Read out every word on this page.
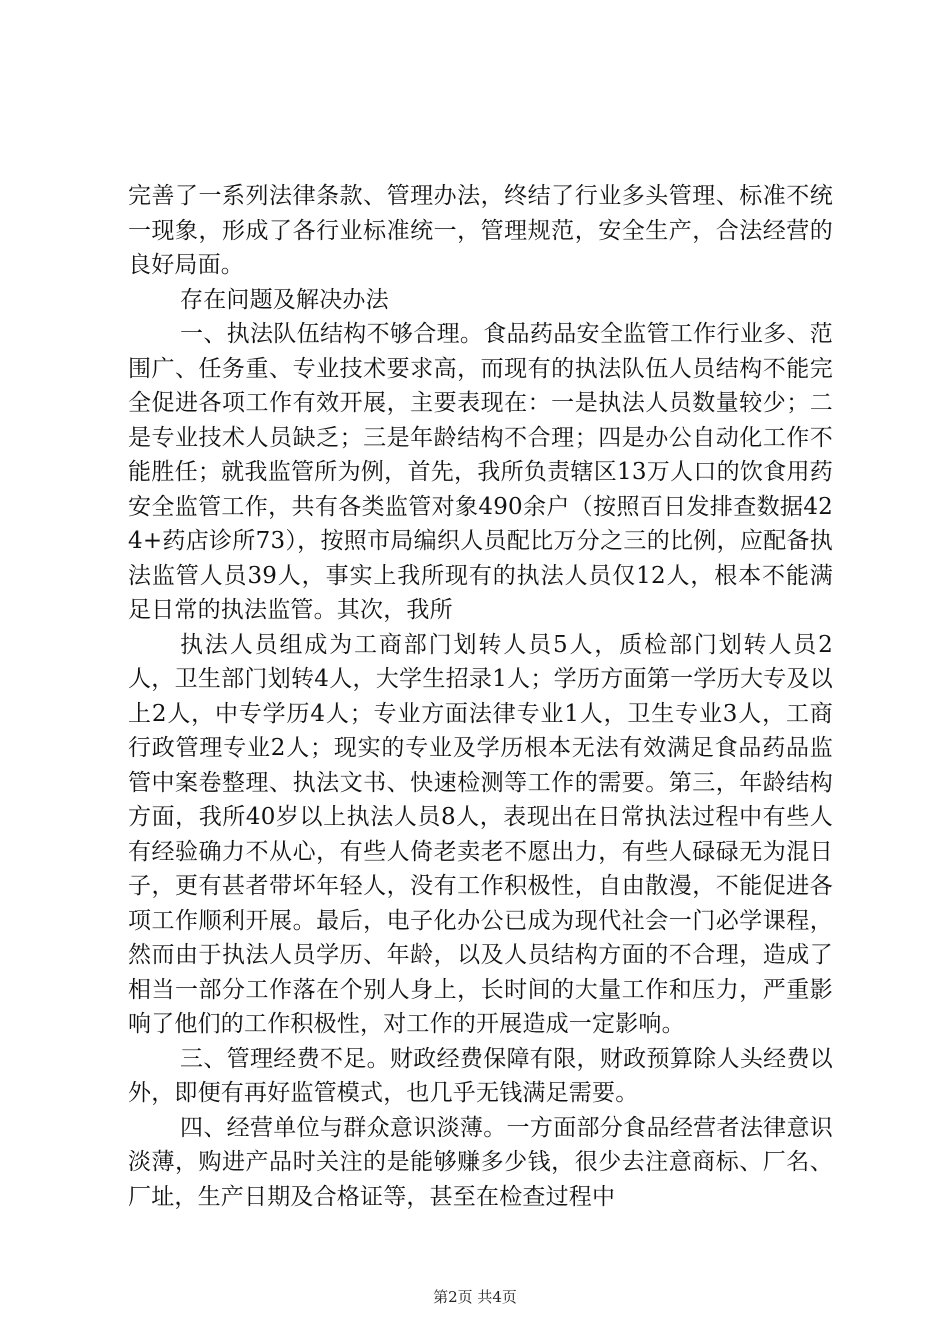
完善了一系列法律条款、管理办法，终结了行业多头管理、标准不统一现象，形成了各行业标准统一，管理规范，安全生产，合法经营的良好局面。

存在问题及解决办法

一、执法队伍结构不够合理。食品药品安全监管工作行业多、范围广、任务重、专业技术要求高，而现有的执法队伍人员结构不能完全促进各项工作有效开展，主要表现在：一是执法人员数量较少；二是专业技术人员缺乏；三是年龄结构不合理；四是办公自动化工作不能胜任；就我监管所为例，首先，我所负责辖区13万人口的饮食用药安全监管工作，共有各类监管对象490余户（按照百日发排查数据424+药店诊所73），按照市局编织人员配比万分之三的比例，应配备执法监管人员39人，事实上我所现有的执法人员仅12人，根本不能满足日常的执法监管。其次，我所

执法人员组成为工商部门划转人员5人，质检部门划转人员2人，卫生部门划转4人，大学生招录1人；学历方面第一学历大专及以上2人，中专学历4人；专业方面法律专业1人，卫生专业3人，工商行政管理专业2人；现实的专业及学历根本无法有效满足食品药品监管中案卷整理、执法文书、快速检测等工作的需要。第三，年龄结构方面，我所40岁以上执法人员8人，表现出在日常执法过程中有些人有经验确力不从心，有些人倚老卖老不愿出力，有些人碌碌无为混日子，更有甚者带坏年轻人，没有工作积极性，自由散漫，不能促进各项工作顺利开展。最后，电子化办公已成为现代社会一门必学课程，然而由于执法人员学历、年龄，以及人员结构方面的不合理，造成了相当一部分工作落在个别人身上，长时间的大量工作和压力，严重影响了他们的工作积极性，对工作的开展造成一定影响。

三、管理经费不足。财政经费保障有限，财政预算除人头经费以外，即便有再好监管模式，也几乎无钱满足需要。

四、经营单位与群众意识淡薄。一方面部分食品经营者法律意识淡薄，购进产品时关注的是能够赚多少钱，很少去注意商标、厂名、厂址，生产日期及合格证等，甚至在检查过程中

第2页 共4页
